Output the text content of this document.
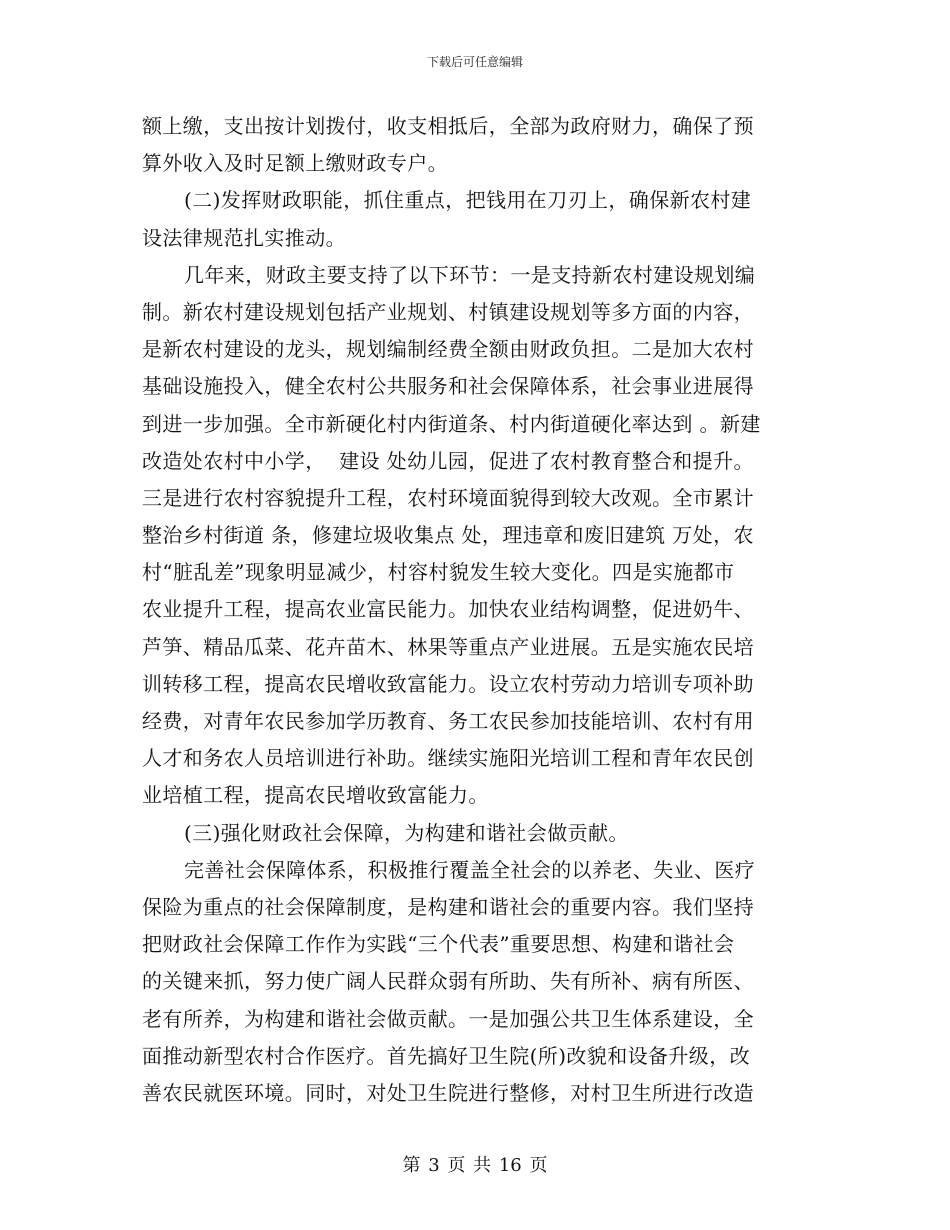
下载后可任意编辑
额上缴，支出按计划拨付，收支相抵后，全部为政府财力，确保了预
算外收入及时足额上缴财政专户。
(二)发挥财政职能，抓住重点，把钱用在刀刃上，确保新农村建
设法律规范扎实推动。
几年来，财政主要支持了以下环节：一是支持新农村建设规划编
制。新农村建设规划包括产业规划、村镇建设规划等多方面的内容，
是新农村建设的龙头，规划编制经费全额由财政负担。二是加大农村
基础设施投入，健全农村公共服务和社会保障体系，社会事业进展得
到进一步加强。全市新硬化村内街道条、村内街道硬化率达到 。新建
改造处农村中小学，  建设 处幼儿园，促进了农村教育整合和提升。
三是进行农村容貌提升工程，农村环境面貌得到较大改观。全市累计
整治乡村街道 条，修建垃圾收集点 处，理违章和废旧建筑 万处，农
村“脏乱差”现象明显减少，村容村貌发生较大变化。四是实施都市
农业提升工程，提高农业富民能力。加快农业结构调整，促进奶牛、
芦笋、精品瓜菜、花卉苗木、林果等重点产业进展。五是实施农民培
训转移工程，提高农民增收致富能力。设立农村劳动力培训专项补助
经费，对青年农民参加学历教育、务工农民参加技能培训、农村有用
人才和务农人员培训进行补助。继续实施阳光培训工程和青年农民创
业培植工程，提高农民增收致富能力。
(三)强化财政社会保障，为构建和谐社会做贡献。
完善社会保障体系，积极推行覆盖全社会的以养老、失业、医疗
保险为重点的社会保障制度，是构建和谐社会的重要内容。我们坚持
把财政社会保障工作作为实践“三个代表”重要思想、构建和谐社会
的关键来抓，努力使广阔人民群众弱有所助、失有所补、病有所医、
老有所养，为构建和谐社会做贡献。一是加强公共卫生体系建设，全
面推动新型农村合作医疗。首先搞好卫生院(所)改貌和设备升级，改
善农民就医环境。同时，对处卫生院进行整修，对村卫生所进行改造
第 3 页 共 16 页
